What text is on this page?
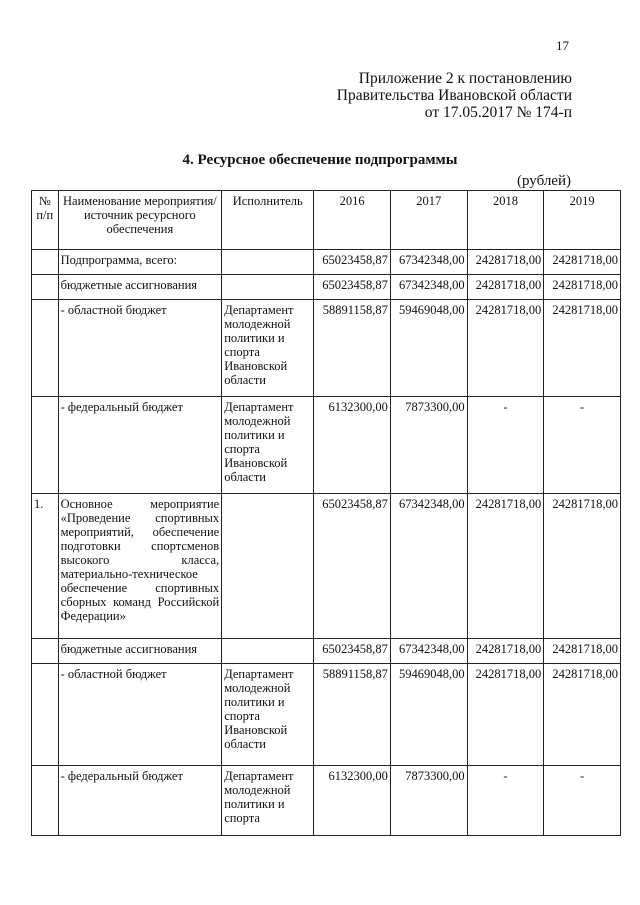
17
Приложение 2 к постановлению
Правительства Ивановской области
от 17.05.2017 № 174-п
4. Ресурсное обеспечение подпрограммы
(рублей)
№ п/п	Наименование мероприятия/источник ресурсного обеспечения	Исполнитель	2016	2017	2018	2019
	Подпрограмма, всего:		65023458,87	67342348,00	24281718,00	24281718,00
	бюджетные ассигнования		65023458,87	67342348,00	24281718,00	24281718,00
	- областной бюджет	Департамент молодежной политики и спорта Ивановской области	58891158,87	59469048,00	24281718,00	24281718,00
	- федеральный бюджет	Департамент молодежной политики и спорта Ивановской области	6132300,00	7873300,00	-	-
1.	Основное мероприятие «Проведение спортивных мероприятий, обеспечение подготовки спортсменов высокого класса, материально-техническое обеспечение спортивных сборных команд Российской Федерации»		65023458,87	67342348,00	24281718,00	24281718,00
	бюджетные ассигнования		65023458,87	67342348,00	24281718,00	24281718,00
	- областной бюджет	Департамент молодежной политики и спорта Ивановской области	58891158,87	59469048,00	24281718,00	24281718,00
	- федеральный бюджет	Департамент молодежной политики и спорта	6132300,00	7873300,00	-	-
